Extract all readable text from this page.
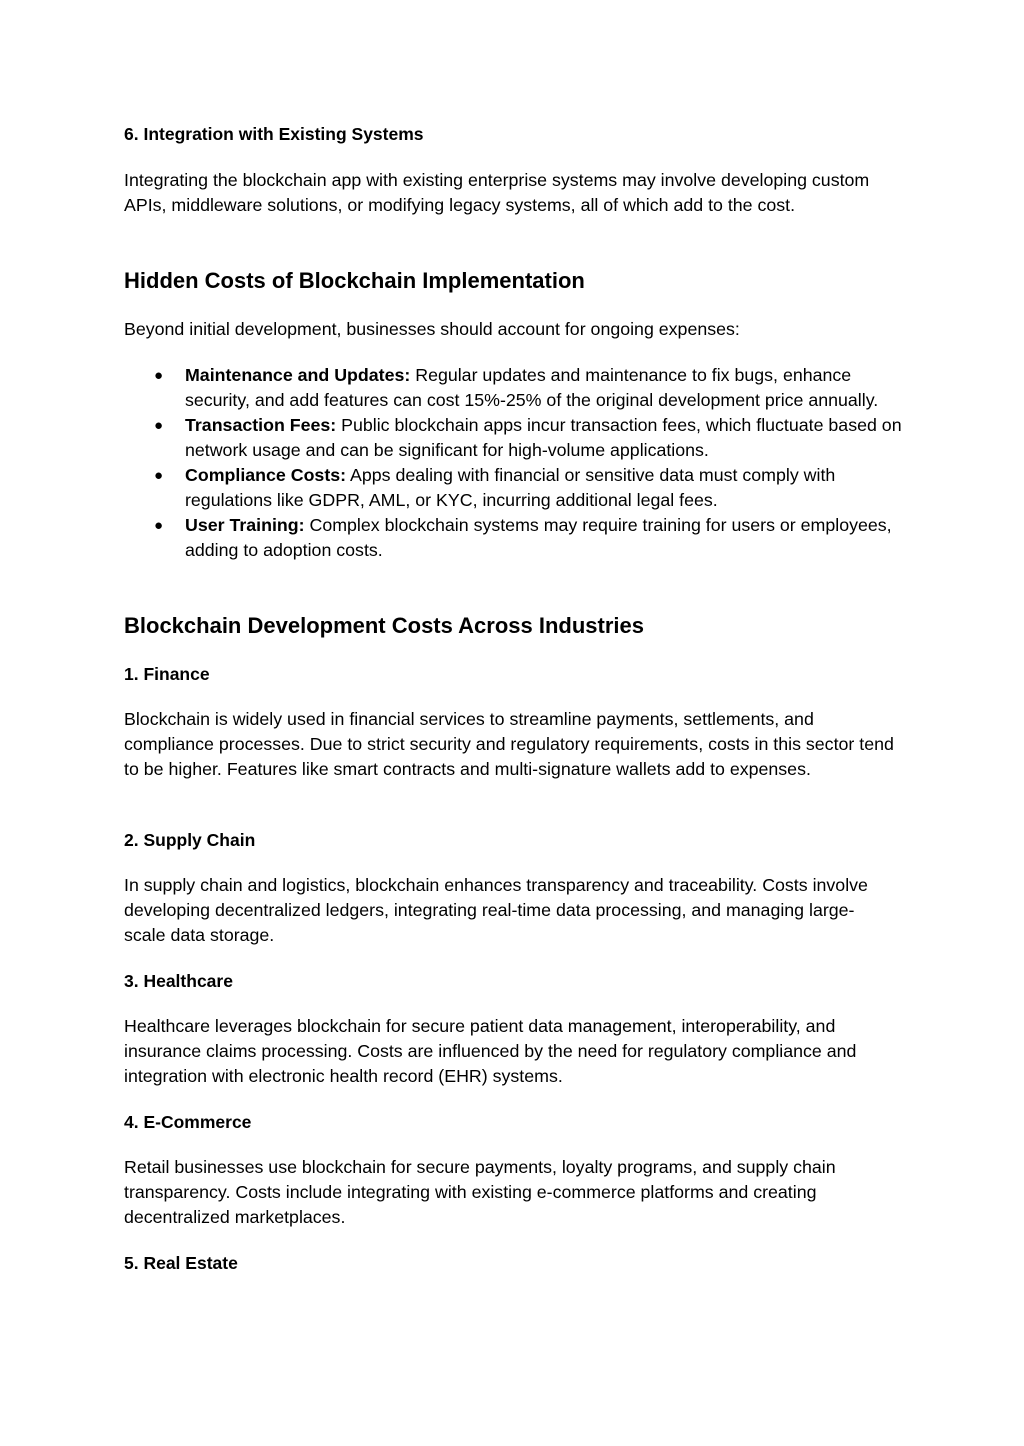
6. Integration with Existing Systems

Integrating the blockchain app with existing enterprise systems may involve developing custom APIs, middleware solutions, or modifying legacy systems, all of which add to the cost.

Hidden Costs of Blockchain Implementation

Beyond initial development, businesses should account for ongoing expenses:

● Maintenance and Updates: Regular updates and maintenance to fix bugs, enhance security, and add features can cost 15%-25% of the original development price annually.
● Transaction Fees: Public blockchain apps incur transaction fees, which fluctuate based on network usage and can be significant for high-volume applications.
● Compliance Costs: Apps dealing with financial or sensitive data must comply with regulations like GDPR, AML, or KYC, incurring additional legal fees.
● User Training: Complex blockchain systems may require training for users or employees, adding to adoption costs.
Blockchain Development Costs Across Industries
1. Finance

Blockchain is widely used in financial services to streamline payments, settlements, and compliance processes. Due to strict security and regulatory requirements, costs in this sector tend to be higher. Features like smart contracts and multi-signature wallets add to expenses.

2. Supply Chain

In supply chain and logistics, blockchain enhances transparency and traceability. Costs involve developing decentralized ledgers, integrating real-time data processing, and managing large-scale data storage.

3. Healthcare

Healthcare leverages blockchain for secure patient data management, interoperability, and insurance claims processing. Costs are influenced by the need for regulatory compliance and integration with electronic health record (EHR) systems.

4. E-Commerce

Retail businesses use blockchain for secure payments, loyalty programs, and supply chain transparency. Costs include integrating with existing e-commerce platforms and creating decentralized marketplaces.

5. Real Estate
